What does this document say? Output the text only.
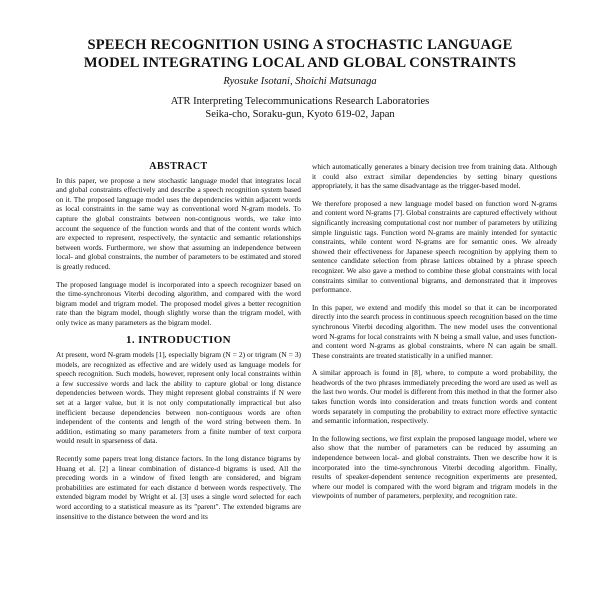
SPEECH RECOGNITION USING A STOCHASTIC LANGUAGE
MODEL INTEGRATING LOCAL AND GLOBAL CONSTRAINTS
Ryosuke Isotani, Shoichi Matsunaga
ATR Interpreting Telecommunications Research Laboratories
Seika-cho, Soraku-gun, Kyoto 619-02, Japan
ABSTRACT

In this paper, we propose a new stochastic language model that integrates local and global constraints effectively and describe a speech recognition system based on it. The proposed language model uses the dependencies within adjacent words as local constraints in the same way as conventional word N-gram models. To capture the global constraints between non-contiguous words, we take into account the sequence of the function words and that of the content words which are expected to represent, respectively, the syntactic and semantic relationships between words. Furthermore, we show that assuming an independence between local- and global constraints, the number of parameters to be estimated and stored is greatly reduced.

The proposed language model is incorporated into a speech recognizer based on the time-synchronous Viterbi decoding algorithm, and compared with the word bigram model and trigram model. The proposed model gives a better recognition rate than the bigram model, though slightly worse than the trigram model, with only twice as many parameters as the bigram model.

1. INTRODUCTION

At present, word N-gram models [1], especially bigram (N = 2) or trigram (N = 3) models, are recognized as effective and are widely used as language models for speech recognition. Such models, however, represent only local constraints within a few successive words and lack the ability to capture global or long distance dependencies between words. They might represent global constraints if N were set at a larger value, but it is not only computationally impractical but also inefficient because dependencies between non-contiguous words are often independent of the contents and length of the word string between them. In addition, estimating so many parameters from a finite number of text corpora would result in sparseness of data.

Recently some papers treat long distance factors. In the long distance bigrams by Huang et al. [2] a linear combination of distance-d bigrams is used. All the preceding words in a window of fixed length are considered, and bigram probabilities are estimated for each distance d between words respectively. The extended bigram model by Wright et al. [3] uses a single word selected for each word according to a statistical measure as its "parent". The extended bigrams are insensitive to the distance between the word and its

which automatically generates a binary decision tree from training data. Although it could also extract similar dependencies by setting binary questions appropriately, it has the same disadvantage as the trigger-based model.

We therefore proposed a new language model based on function word N-grams and content word N-grams [7]. Global constraints are captured effectively without significantly increasing computational cost nor number of parameters by utilizing simple linguistic tags. Function word N-grams are mainly intended for syntactic constraints, while content word N-grams are for semantic ones. We already showed their effectiveness for Japanese speech recognition by applying them to sentence candidate selection from phrase lattices obtained by a phrase speech recognizer. We also gave a method to combine these global constraints with local constraints similar to conventional bigrams, and demonstrated that it improves performance.

In this paper, we extend and modify this model so that it can be incorporated directly into the search process in continuous speech recognition based on the time synchronous Viterbi decoding algorithm. The new model uses the conventional word N-grams for local constraints with N being a small value, and uses function- and content word N-grams as global constraints, where N can again be small. These constraints are treated statistically in a unified manner.

A similar approach is found in [8], where, to compute a word probability, the headwords of the two phrases immediately preceding the word are used as well as the last two words. Our model is different from this method in that the former also takes function words into consideration and treats function words and content words separately in computing the probability to extract more effective syntactic and semantic information, respectively.

In the following sections, we first explain the proposed language model, where we also show that the number of parameters can be reduced by assuming an independence between local- and global constraints. Then we describe how it is incorporated into the time-synchronous Viterbi decoding algorithm. Finally, results of speaker-dependent sentence recognition experiments are presented, where our model is compared with the word bigram and trigram models in the viewpoints of number of parameters, perplexity, and recognition rate.
